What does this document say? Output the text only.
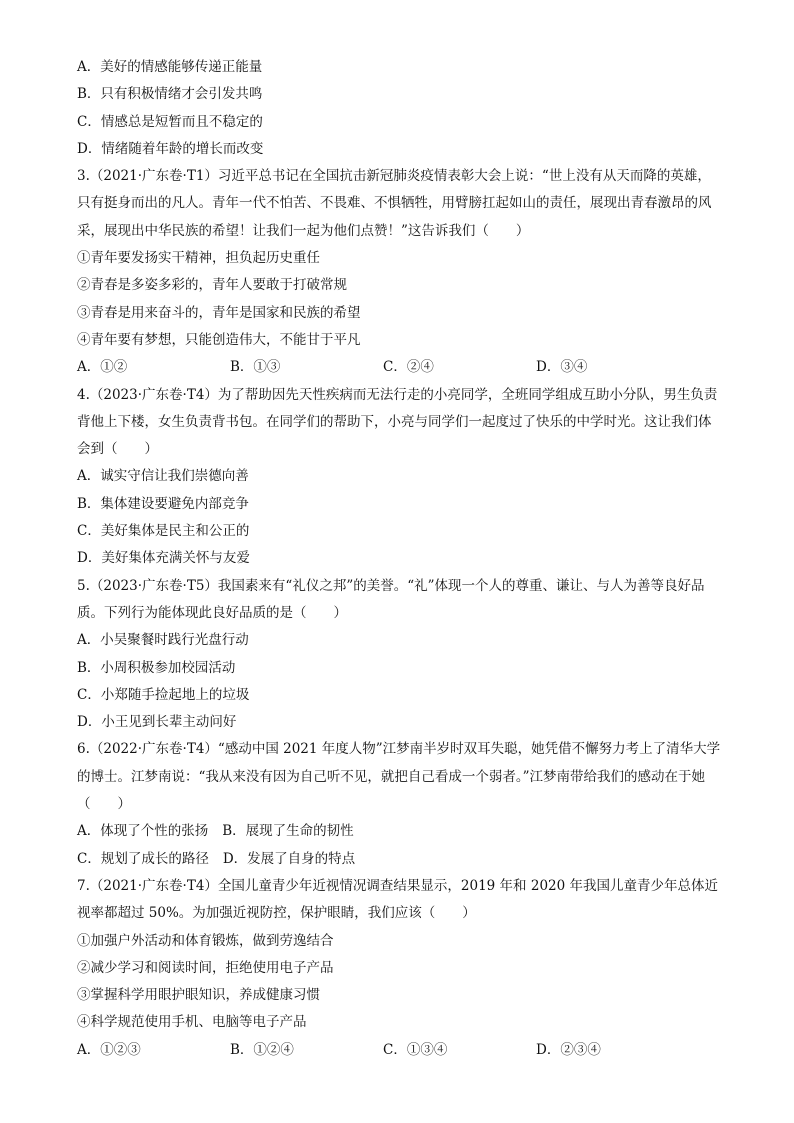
A．美好的情感能够传递正能量
B．只有积极情绪才会引发共鸣
C．情感总是短暂而且不稳定的
D．情绪随着年龄的增长而改变
3.（2021·广东卷·T1）习近平总书记在全国抗击新冠肺炎疫情表彰大会上说：“世上没有从天而降的英雄，只有挺身而出的凡人。青年一代不怕苦、不畏难、不惧牺牲，用臂膀扛起如山的责任，展现出青春激昂的风采，展现出中华民族的希望！让我们一起为他们点赞！”这告诉我们（　　）
①青年要发扬实干精神，担负起历史重任
②青春是多姿多彩的，青年人要敢于打破常规
③青春是用来奋斗的，青年是国家和民族的希望
④青年要有梦想，只能创造伟大，不能甘于平凡
A．①②	B．①③	C．②④	D．③④
4.（2023·广东卷·T4）为了帮助因先天性疾病而无法行走的小亮同学，全班同学组成互助小分队，男生负责背他上下楼，女生负责背书包。在同学们的帮助下，小亮与同学们一起度过了快乐的中学时光。这让我们体会到（　　）
A．诚实守信让我们崇德向善
B．集体建设要避免内部竞争
C．美好集体是民主和公正的
D．美好集体充满关怀与友爱
5.（2023·广东卷·T5）我国素来有“礼仪之邦”的美誉。“礼”体现一个人的尊重、谦让、与人为善等良好品质。下列行为能体现此良好品质的是（　　）
A．小吴聚餐时践行光盘行动
B．小周积极参加校园活动
C．小郑随手捡起地上的垃圾
D．小王见到长辈主动问好
6.（2022·广东卷·T4）“感动中国 2021 年度人物”江梦南半岁时双耳失聪，她凭借不懈努力考上了清华大学的博士。江梦南说：“我从来没有因为自己听不见，就把自己看成一个弱者。”江梦南带给我们的感动在于她（　　）
A．体现了个性的张扬 B．展现了生命的韧性
C．规划了成长的路径 D．发展了自身的特点
7.（2021·广东卷·T4）全国儿童青少年近视情况调查结果显示，2019 年和 2020 年我国儿童青少年总体近视率都超过 50%。为加强近视防控，保护眼睛，我们应该（　　）
①加强户外活动和体育锻炼，做到劳逸结合
②减少学习和阅读时间，拒绝使用电子产品
③掌握科学用眼护眼知识，养成健康习惯
④科学规范使用手机、电脑等电子产品
A．①②③	B．①②④	C．①③④	D．②③④
